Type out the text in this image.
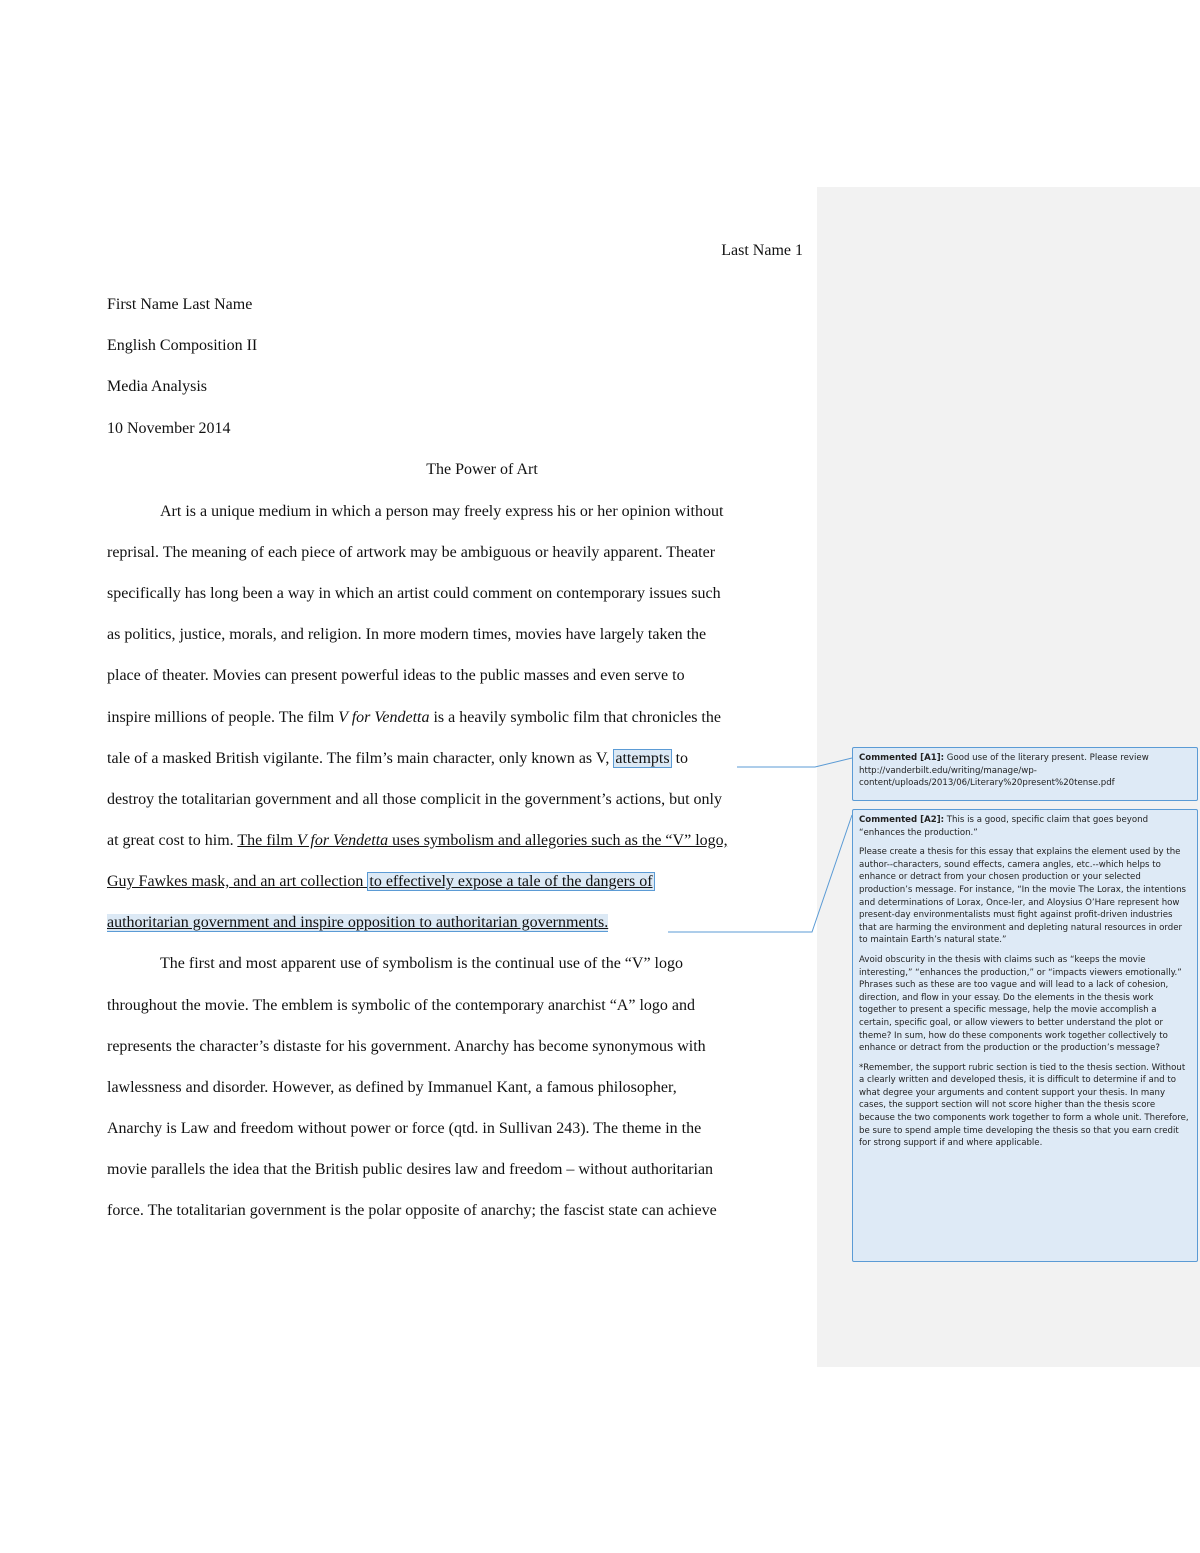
Last Name 1
First Name Last Name
English Composition II
Media Analysis
10 November 2014
The Power of Art
Art is a unique medium in which a person may freely express his or her opinion without
reprisal. The meaning of each piece of artwork may be ambiguous or heavily apparent. Theater
specifically has long been a way in which an artist could comment on contemporary issues such
as politics, justice, morals, and religion. In more modern times, movies have largely taken the
place of theater. Movies can present powerful ideas to the public masses and even serve to
inspire millions of people. The film V for Vendetta is a heavily symbolic film that chronicles the
tale of a masked British vigilante. The film’s main character, only known as V, attempts to
destroy the totalitarian government and all those complicit in the government’s actions, but only
at great cost to him. The film V for Vendetta uses symbolism and allegories such as the “V” logo,
Guy Fawkes mask, and an art collection to effectively expose a tale of the dangers of
authoritarian government and inspire opposition to authoritarian governments.
The first and most apparent use of symbolism is the continual use of the “V” logo
throughout the movie. The emblem is symbolic of the contemporary anarchist “A” logo and
represents the character’s distaste for his government. Anarchy has become synonymous with
lawlessness and disorder. However, as defined by Immanuel Kant, a famous philosopher,
Anarchy is Law and freedom without power or force (qtd. in Sullivan 243). The theme in the
movie parallels the idea that the British public desires law and freedom – without authoritarian
force. The totalitarian government is the polar opposite of anarchy; the fascist state can achieve
Commented [A1]: Good use of the literary present. Please review http://vanderbilt.edu/writing/manage/wp-content/uploads/2013/06/Literary%20present%20tense.pdf

Commented [A2]: This is a good, specific claim that goes beyond “enhances the production.”

Please create a thesis for this essay that explains the element used by the author--characters, sound effects, camera angles, etc.--which helps to enhance or detract from your chosen production or your selected production’s message. For instance, “In the movie The Lorax, the intentions and determinations of Lorax, Once-ler, and Aloysius O’Hare represent how present-day environmentalists must fight against profit-driven industries that are harming the environment and depleting natural resources in order to maintain Earth’s natural state.”

Avoid obscurity in the thesis with claims such as “keeps the movie interesting,” “enhances the production,” or “impacts viewers emotionally.” Phrases such as these are too vague and will lead to a lack of cohesion, direction, and flow in your essay. Do the elements in the thesis work together to present a specific message, help the movie accomplish a certain, specific goal, or allow viewers to better understand the plot or theme? In sum, how do these components work together collectively to enhance or detract from the production or the production’s message?

*Remember, the support rubric section is tied to the thesis section. Without a clearly written and developed thesis, it is difficult to determine if and to what degree your arguments and content support your thesis. In many cases, the support section will not score higher than the thesis score because the two components work together to form a whole unit. Therefore, be sure to spend ample time developing the thesis so that you earn credit for strong support if and where applicable.
